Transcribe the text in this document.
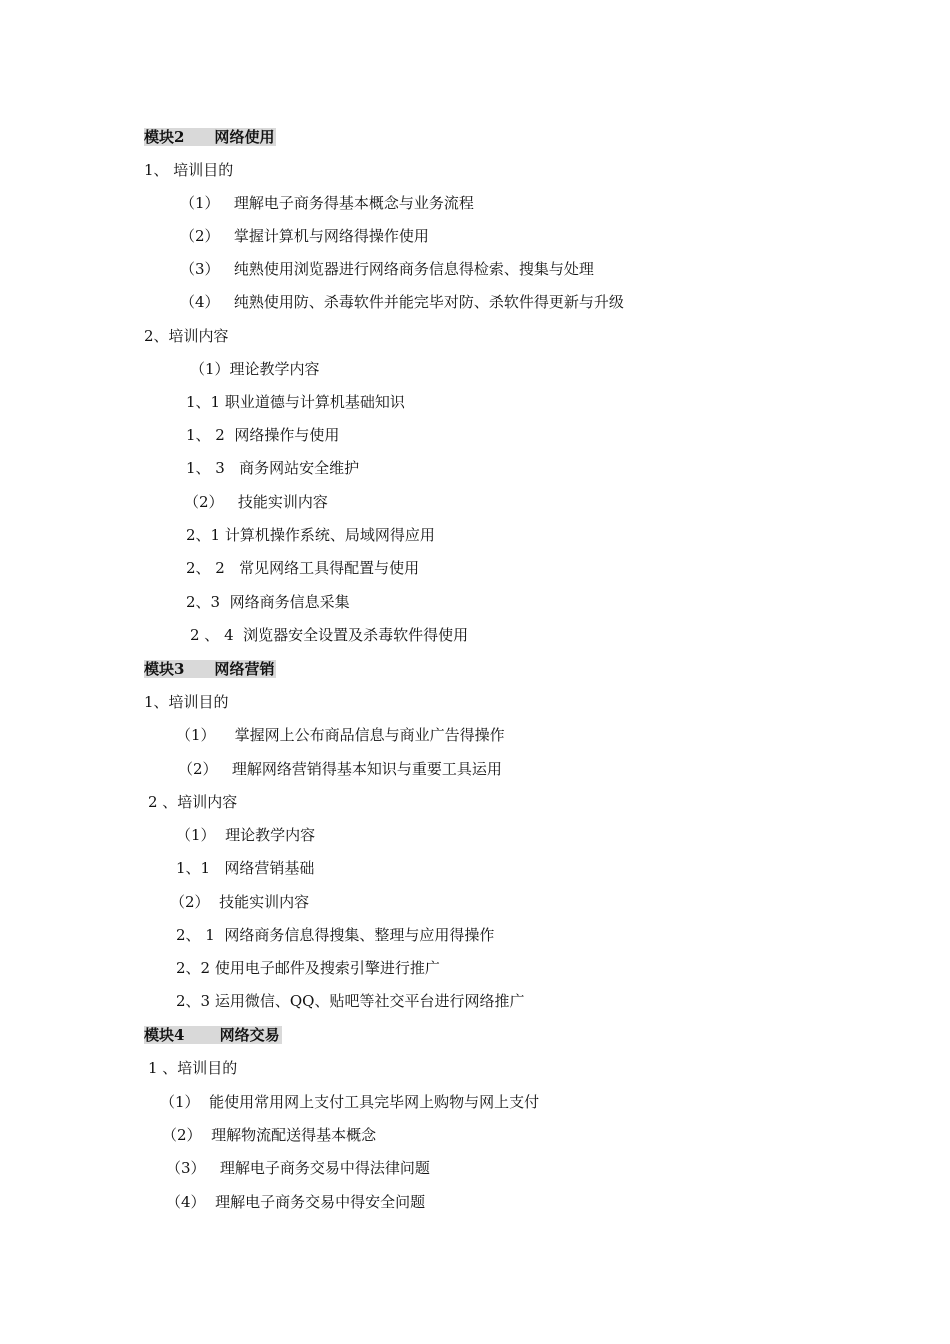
模块2　　网络使用
1、 培训目的
（1）   理解电子商务得基本概念与业务流程
（2）   掌握计算机与网络得操作使用
（3）   纯熟使用浏览器进行网络商务信息得检索、搜集与处理
（4）   纯熟使用防、杀毒软件并能完毕对防、杀软件得更新与升级
2、培训内容
（1）理论教学内容
1、1 职业道德与计算机基础知识
1、 2  网络操作与使用
1、 3   商务网站安全维护
（2）   技能实训内容
2、1 计算机操作系统、局域网得应用
2、 2   常见网络工具得配置与使用
2、3  网络商务信息采集
2 、 4  浏览器安全设置及杀毒软件得使用
模块3　　网络营销
1、培训目的
（1）    掌握网上公布商品信息与商业广告得操作
（2）   理解网络营销得基本知识与重要工具运用
2 、培训内容
（1）  理论教学内容
1、1   网络营销基础
（2）  技能实训内容
2、 1  网络商务信息得搜集、整理与应用得操作
2、2 使用电子邮件及搜索引擎进行推广
2、3 运用微信、QQ、贴吧等社交平台进行网络推广
模块4　　 网络交易
1 、培训目的
（1）  能使用常用网上支付工具完毕网上购物与网上支付
（2）  理解物流配送得基本概念
（3）   理解电子商务交易中得法律问题
（4）  理解电子商务交易中得安全问题
